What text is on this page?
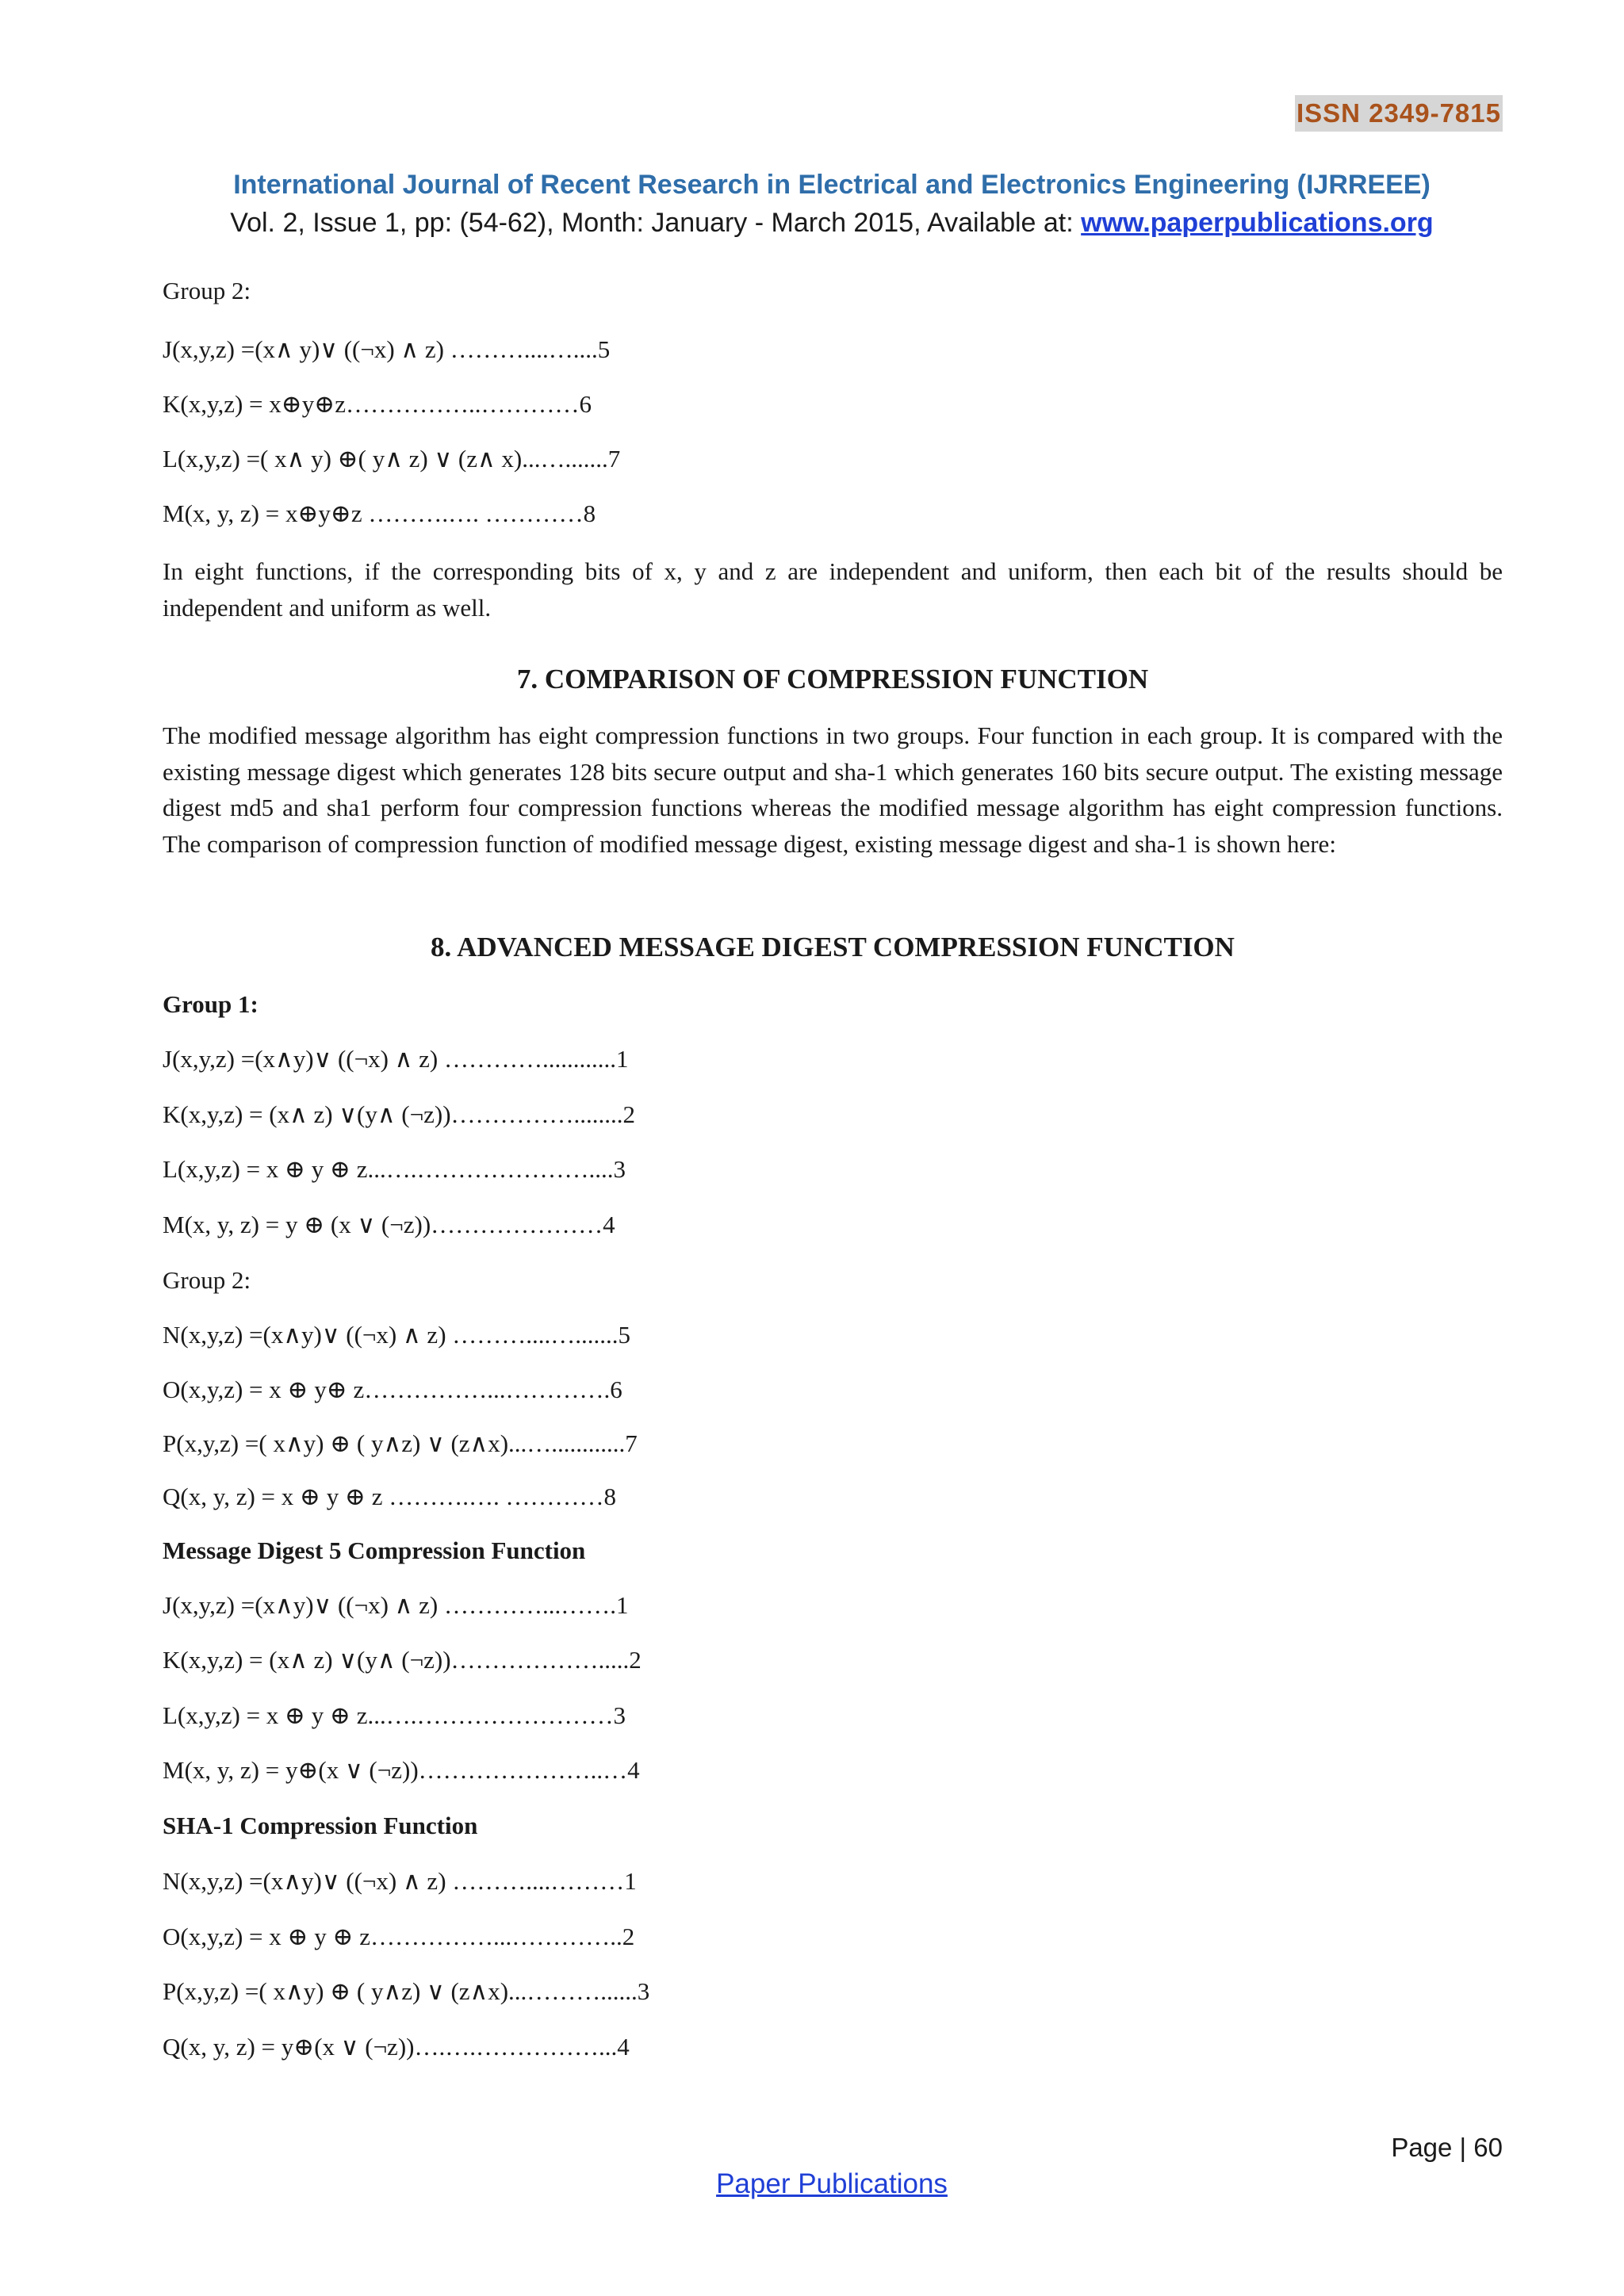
ISSN 2349-7815
International Journal of Recent Research in Electrical and Electronics Engineering (IJRREEE)
Vol. 2, Issue 1, pp: (54-62), Month: January - March 2015, Available at: www.paperpublications.org
Group 2:
J(x,y,z) =(x∧ y)∨ ((¬x) ∧ z) ………....…....5
K(x,y,z) = x⊕y⊕z……………..…………6
L(x,y,z) =( x∧ y) ⊕( y∧ z) ∨ (z∧ x)...….......7
M(x, y, z) = x⊕y⊕z ……….…. …………8
In eight functions, if the corresponding bits of x, y and z are independent and uniform, then each bit of the results should be independent and uniform as well.
7. COMPARISON OF COMPRESSION FUNCTION
The modified message algorithm has eight compression functions in two groups. Four function in each group. It is compared with the existing message digest which generates 128 bits secure output and sha-1 which generates 160 bits secure output. The existing message digest md5 and sha1 perform four compression functions whereas the modified message algorithm has eight compression functions. The comparison of compression function of modified message digest, existing message digest and sha-1 is shown here:
8. ADVANCED MESSAGE DIGEST COMPRESSION FUNCTION
Group 1:
J(x,y,z) =(x∧y)∨ ((¬x) ∧ z) …………............1
K(x,y,z) = (x∧ z) ∨(y∧ (¬z))……………........2
L(x,y,z) = x ⊕ y ⊕ z...….…………………....3
M(x, y, z) = y ⊕ (x ∨ (¬z))…………………4
Group 2:
N(x,y,z) =(x∧y)∨ ((¬x) ∧ z) ………....….......5
O(x,y,z) = x ⊕ y⊕ z……………...………….6
P(x,y,z) =( x∧y) ⊕ ( y∧z) ∨ (z∧x)...…............7
Q(x, y, z) = x ⊕ y ⊕ z ……….…. …………8
Message Digest 5 Compression Function
J(x,y,z) =(x∧y)∨ ((¬x) ∧ z) …………...…….1
K(x,y,z) = (x∧ z) ∨(y∧ (¬z))……………….....2
L(x,y,z) = x ⊕ y ⊕ z...….……………………3
M(x, y, z) = y⊕(x ∨ (¬z))…………………..…4
SHA-1 Compression Function
N(x,y,z) =(x∧y)∨ ((¬x) ∧ z) ………....………1
O(x,y,z) = x ⊕ y ⊕ z……………...…………..2
P(x,y,z) =( x∧y) ⊕ ( y∧z) ∨ (z∧x)...………......3
Q(x, y, z) = y⊕(x ∨ (¬z))….….……………...4
Page | 60
Paper Publications
